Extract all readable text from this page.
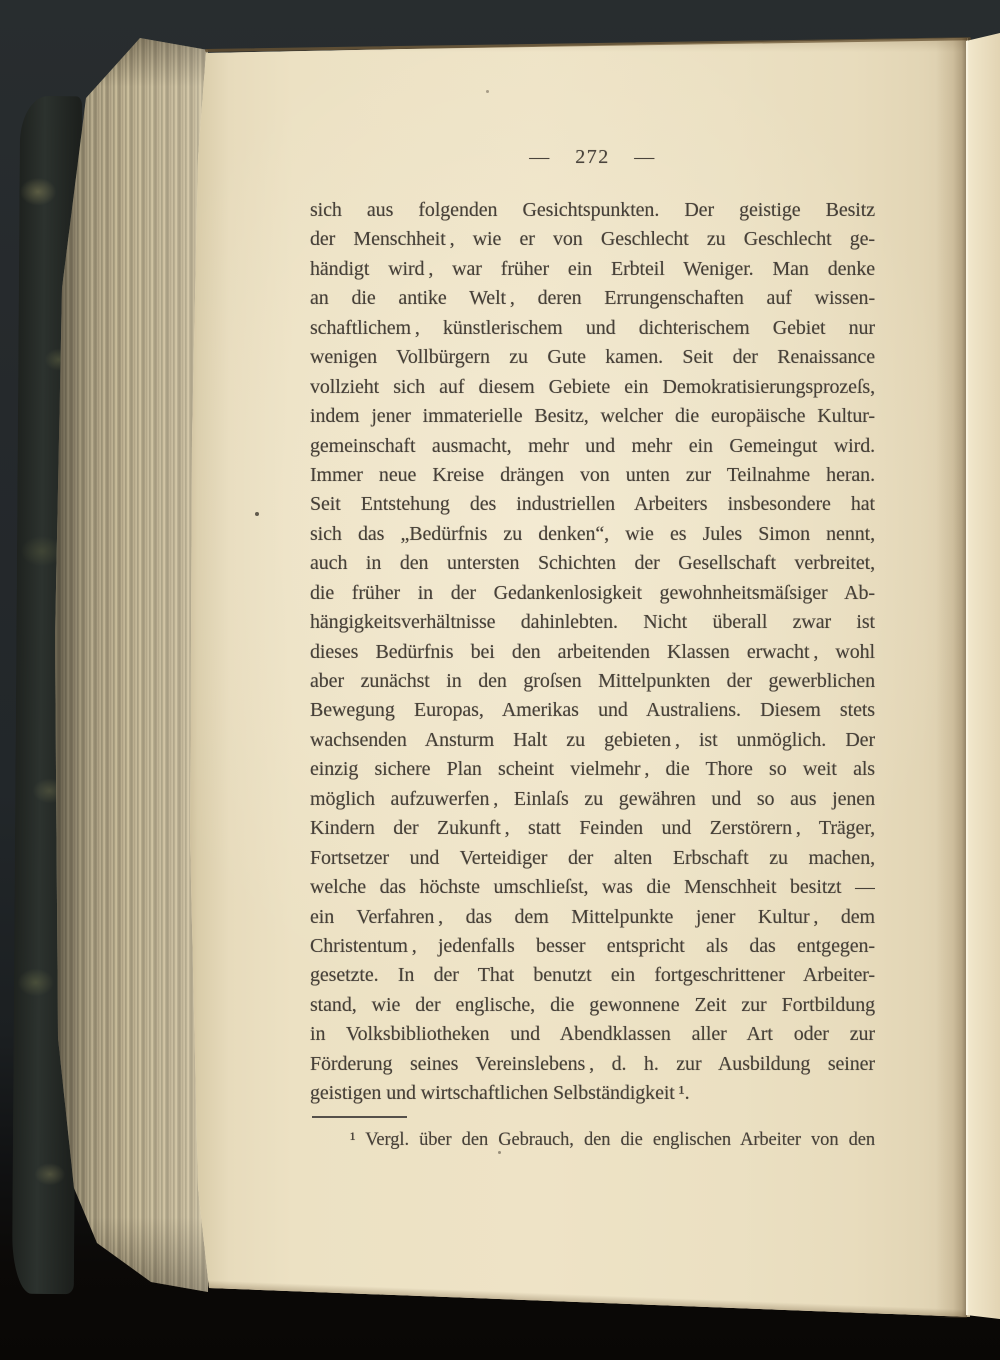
— 272 —
sich aus folgenden Gesichtspunkten. Der geistige Besitz
der Menschheit , wie er von Geschlecht zu Geschlecht ge-
händigt wird , war früher ein Erbteil Weniger. Man denke
an die antike Welt , deren Errungenschaften auf wissen-
schaftlichem , künstlerischem und dichterischem Gebiet nur
wenigen Vollbürgern zu Gute kamen. Seit der Renaissance
vollzieht sich auf diesem Gebiete ein Demokratisierungsprozeſs,
indem jener immaterielle Besitz, welcher die europäische Kultur-
gemeinschaft ausmacht, mehr und mehr ein Gemeingut wird.
Immer neue Kreise drängen von unten zur Teilnahme heran.
Seit Entstehung des industriellen Arbeiters insbesondere hat
sich das „Bedürfnis zu denken“, wie es Jules Simon nennt,
auch in den untersten Schichten der Gesellschaft verbreitet,
die früher in der Gedankenlosigkeit gewohnheitsmäſsiger Ab-
hängigkeitsverhältnisse dahinlebten. Nicht überall zwar ist
dieses Bedürfnis bei den arbeitenden Klassen erwacht , wohl
aber zunächst in den groſsen Mittelpunkten der gewerblichen
Bewegung Europas, Amerikas und Australiens. Diesem stets
wachsenden Ansturm Halt zu gebieten , ist unmöglich. Der
einzig sichere Plan scheint vielmehr , die Thore so weit als
möglich aufzuwerfen , Einlaſs zu gewähren und so aus jenen
Kindern der Zukunft , statt Feinden und Zerstörern , Träger,
Fortsetzer und Verteidiger der alten Erbschaft zu machen,
welche das höchste umschlieſst, was die Menschheit besitzt —
ein Verfahren , das dem Mittelpunkte jener Kultur , dem
Christentum , jedenfalls besser entspricht als das entgegen-
gesetzte. In der That benutzt ein fortgeschrittener Arbeiter-
stand, wie der englische, die gewonnene Zeit zur Fortbildung
in Volksbibliotheken und Abendklassen aller Art oder zur
Förderung seines Vereinslebens , d. h. zur Ausbildung seiner
geistigen und wirtschaftlichen Selbständigkeit ¹.
¹ Vergl. über den Gebrauch, den die englischen Arbeiter von den
